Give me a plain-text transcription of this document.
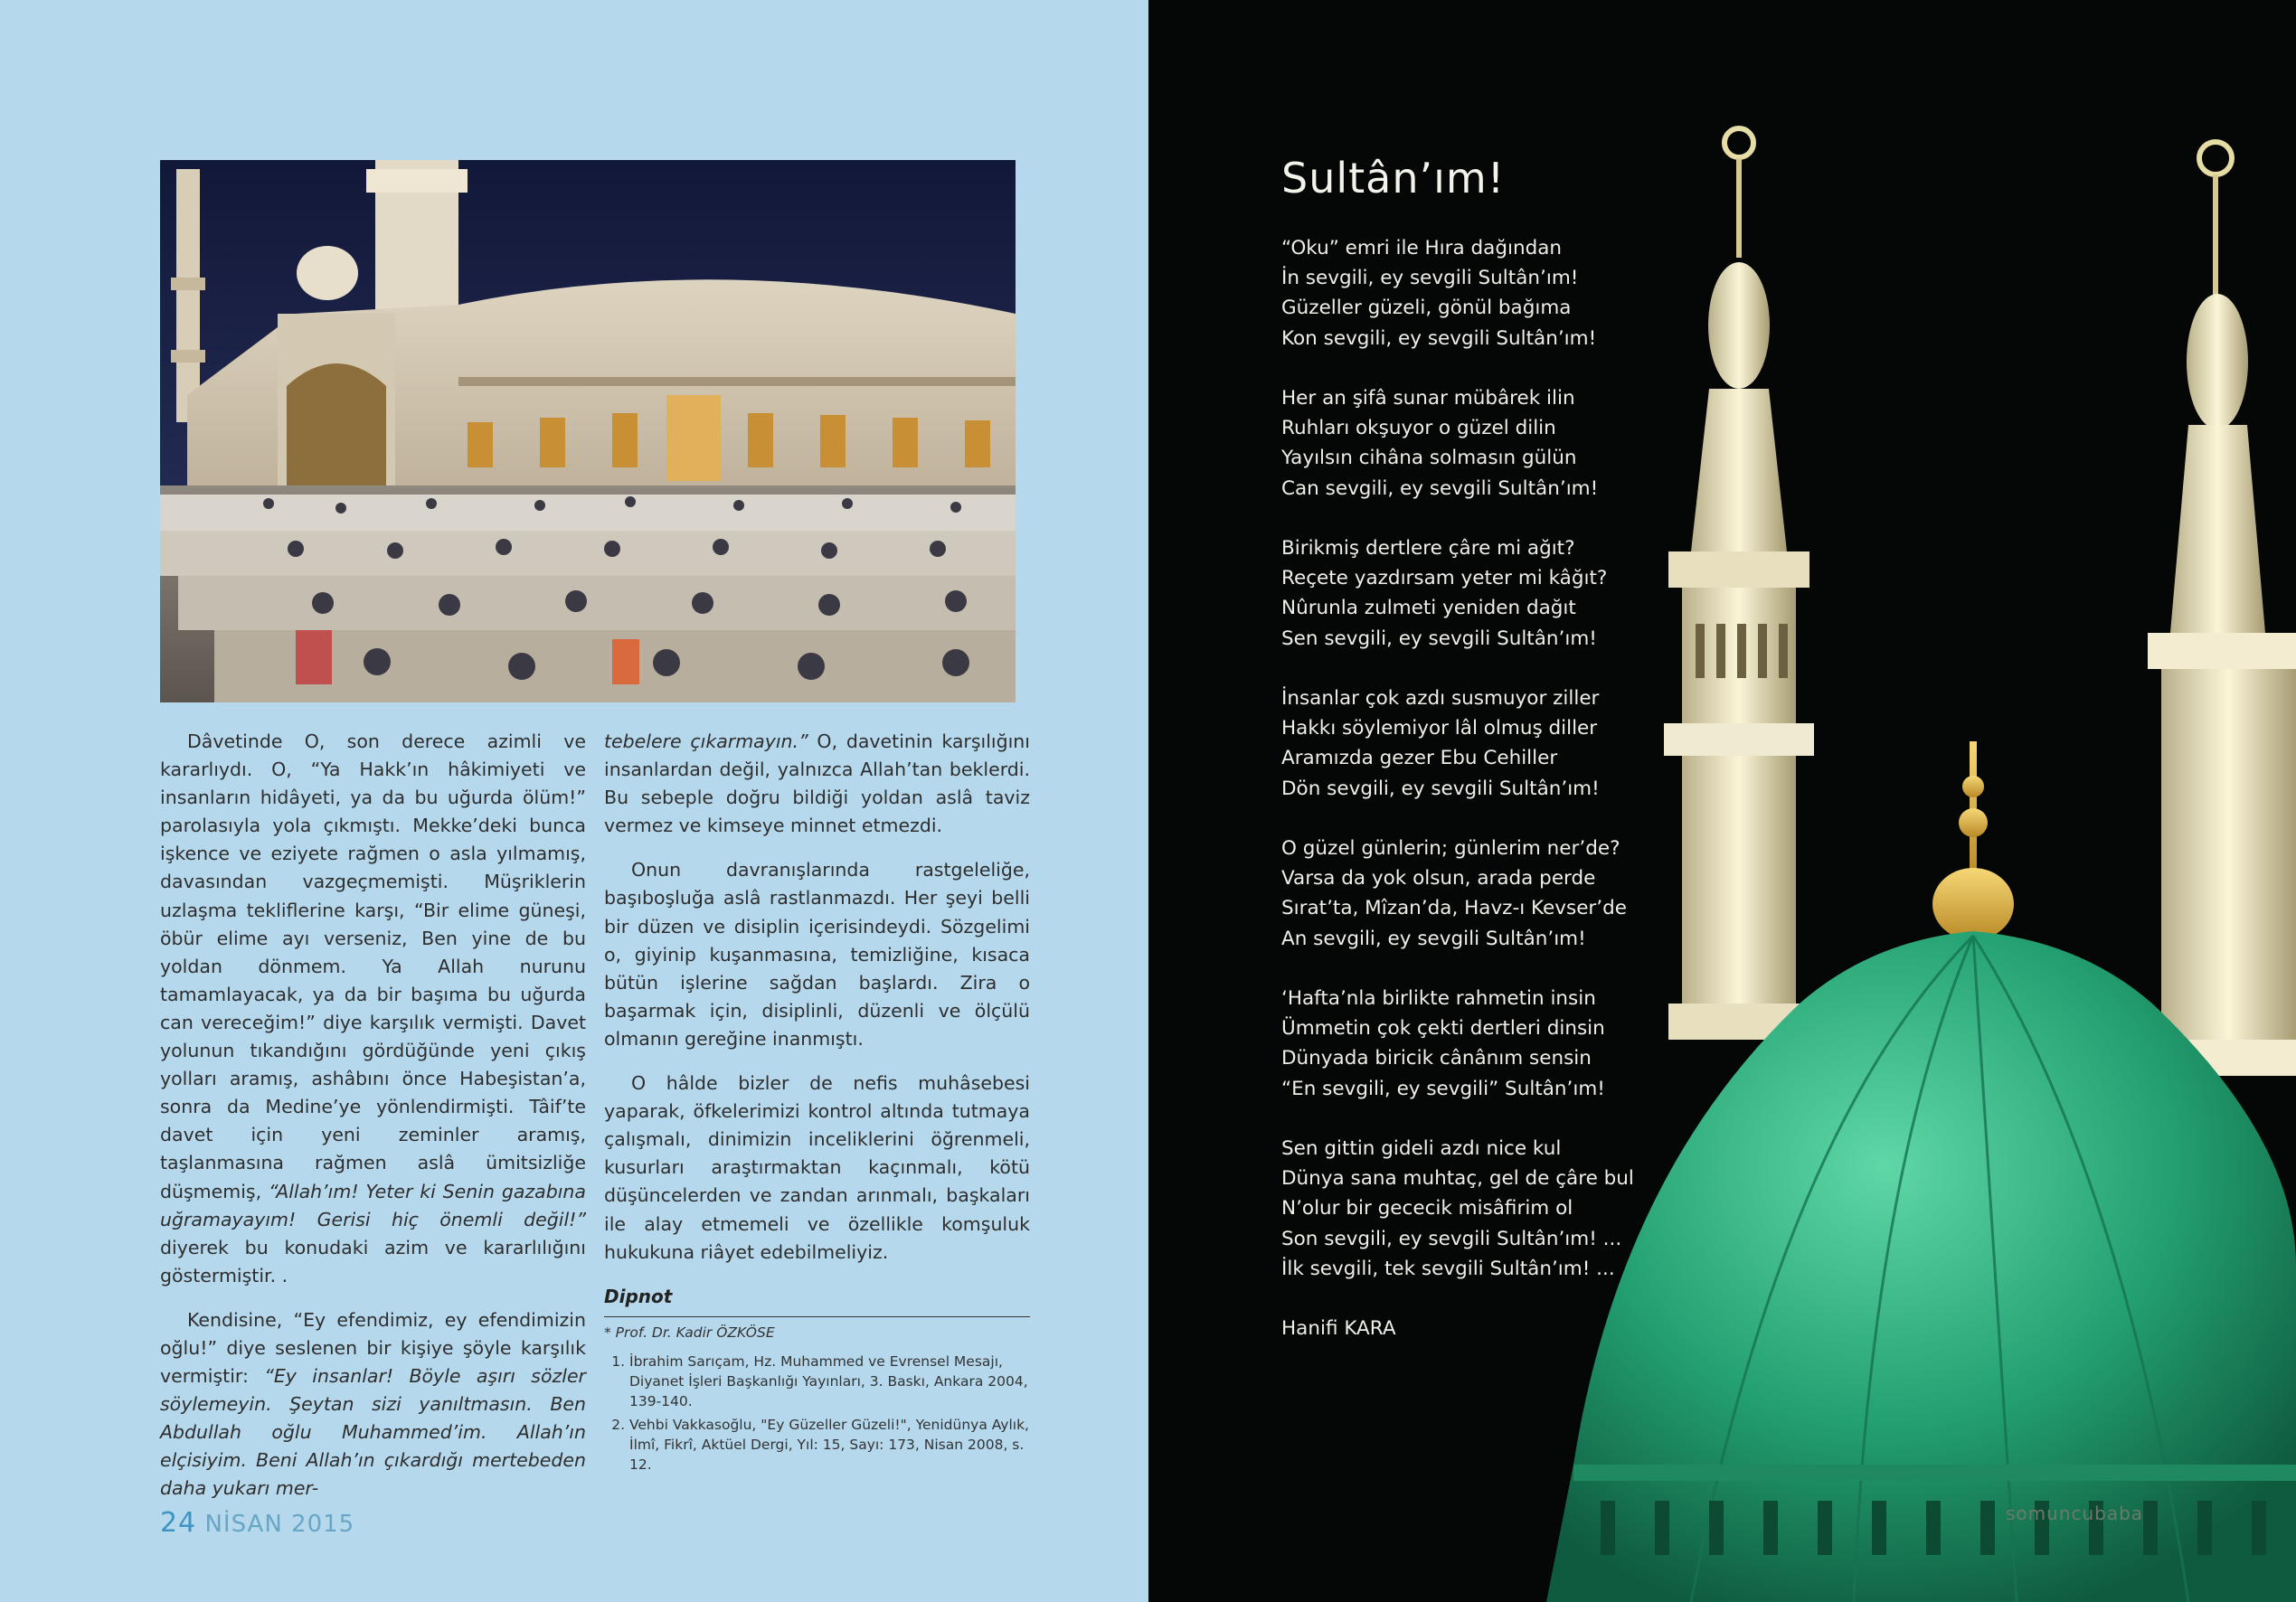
Dâvetinde O, son derece azimli ve kararlıydı. O, “Ya Hakk’ın hâkimiyeti ve insanların hidâyeti, ya da bu uğurda ölüm!” parolasıyla yola çıkmıştı. Mekke’deki bunca işkence ve eziyete rağmen o asla yılmamış, davasından vazgeçmemişti. Müşriklerin uzlaşma tekliflerine karşı, “Bir elime güneşi, öbür elime ayı verseniz, Ben yine de bu yoldan dönmem. Ya Allah nurunu tamamlayacak, ya da bir başıma bu uğurda can vereceğim!” diye karşılık vermişti. Davet yolunun tıkandığını gördüğünde yeni çıkış yolları aramış, ashâbını önce Habeşistan’a, sonra da Medine’ye yönlendirmişti. Tâif’te davet için yeni zeminler aramış, taşlanmasına rağmen aslâ ümitsizliğe düşmemiş, “Allah’ım! Yeter ki Senin gazabına uğramayayım! Gerisi hiç önemli değil!” diyerek bu konudaki azim ve kararlılığını göstermiştir. .

Kendisine, “Ey efendimiz, ey efendimizin oğlu!” diye seslenen bir kişiye şöyle karşılık vermiştir: “Ey insanlar! Böyle aşırı sözler söylemeyin. Şeytan sizi yanıltmasın. Ben Abdullah oğlu Muhammed’im. Allah’ın elçisiyim. Beni Allah’ın çıkardığı mertebeden daha yukarı mer-

tebelere çıkarmayın.” O, davetinin karşılığını insanlardan değil, yalnızca Allah’tan beklerdi. Bu sebeple doğru bildiği yoldan aslâ taviz vermez ve kimseye minnet etmezdi.

Onun davranışlarında rastgeleliğe, başıboşluğa aslâ rastlanmazdı. Her şeyi belli bir düzen ve disiplin içerisindeydi. Sözgelimi o, giyinip kuşanmasına, temizliğine, kısaca bütün işlerine sağdan başlardı. Zira o başarmak için, disiplinli, düzenli ve ölçülü olmanın gereğine inanmıştı.

O hâlde bizler de nefis muhâsebesi yaparak, öfkelerimizi kontrol altında tutmaya çalışmalı, dinimizin inceliklerini öğrenmeli, kusurları araştırmaktan kaçınmalı, kötü düşüncelerden ve zandan arınmalı, başkaları ile alay etmemeli ve özellikle komşuluk hukukuna riâyet edebilmeliyiz.

Dipnot
* Prof. Dr. Kadir ÖZKÖSE
1. İbrahim Sarıçam, Hz. Muhammed ve Evrensel Mesajı, Diyanet İşleri Başkanlığı Yayınları, 3. Baskı, Ankara 2004, 139-140.
2. Vehbi Vakkasoğlu, "Ey Güzeller Güzeli!", Yenidünya Aylık, İlmî, Fikrî, Aktüel Dergi, Yıl: 15, Sayı: 173, Nisan 2008, s. 12.
24 NİSAN 2015
Sultân’ım!
“Oku” emri ile Hıra dağından
İn sevgili, ey sevgili Sultân’ım!
Güzeller güzeli, gönül bağıma
Kon sevgili, ey sevgili Sultân’ım!
Her an şifâ sunar mübârek ilin
Ruhları okşuyor o güzel dilin
Yayılsın cihâna solmasın gülün
Can sevgili, ey sevgili Sultân’ım!
Birikmiş dertlere çâre mi ağıt?
Reçete yazdırsam yeter mi kâğıt?
Nûrunla zulmeti yeniden dağıt
Sen sevgili, ey sevgili Sultân’ım!
İnsanlar çok azdı susmuyor ziller
Hakkı söylemiyor lâl olmuş diller
Aramızda gezer Ebu Cehiller
Dön sevgili, ey sevgili Sultân’ım!
O güzel günlerin; günlerim ner’de?
Varsa da yok olsun, arada perde
Sırat’ta, Mîzan’da, Havz-ı Kevser’de
An sevgili, ey sevgili Sultân’ım!
‘Hafta’nla birlikte rahmetin insin
Ümmetin çok çekti dertleri dinsin
Dünyada biricik cânânım sensin
“En sevgili, ey sevgili” Sultân’ım!
Sen gittin gideli azdı nice kul
Dünya sana muhtaç, gel de çâre bul
N’olur bir gececik misâfirim ol
Son sevgili, ey sevgili Sultân’ım! ...
İlk sevgili, tek sevgili Sultân’ım! ...
Hanifi KARA
somuncubaba
